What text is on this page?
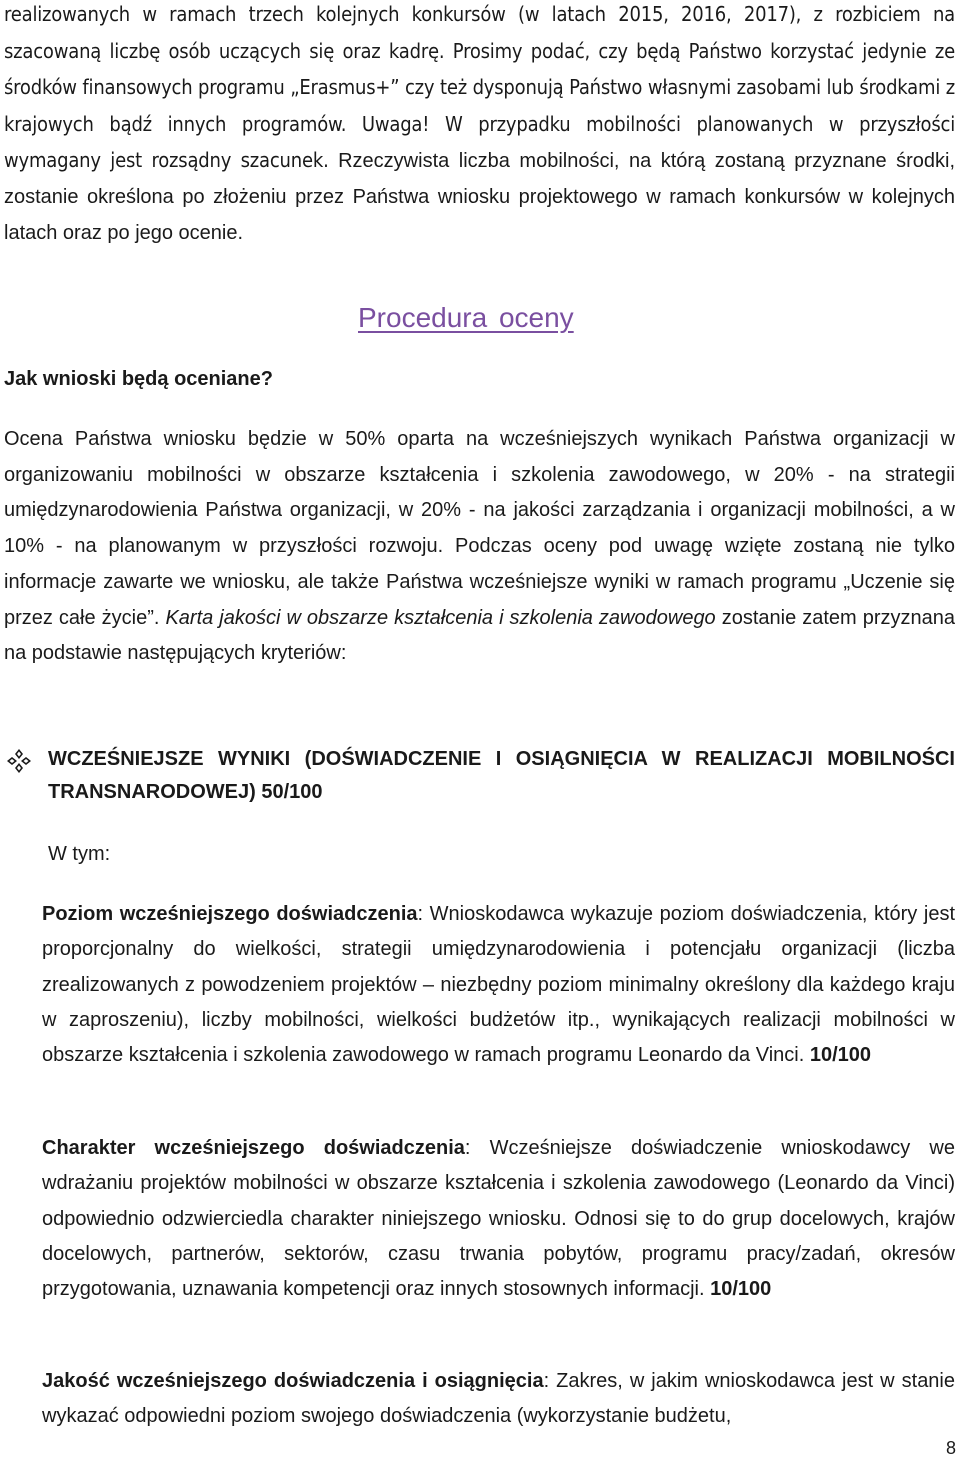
realizowanych w ramach trzech kolejnych konkursów (w latach 2015, 2016, 2017), z rozbiciem na szacowaną liczbę osób uczących się oraz kadrę. Prosimy podać, czy będą Państwo korzystać jedynie ze środków finansowych programu „Erasmus+” czy też dysponują Państwo własnymi zasobami lub środkami z krajowych bądź innych programów. Uwaga! W przypadku mobilności planowanych w przyszłości wymagany jest rozsądny szacunek. Rzeczywista liczba mobilności, na którą zostaną przyznane środki, zostanie określona po złożeniu przez Państwa wniosku projektowego w ramach konkursów w kolejnych latach oraz po jego ocenie.

Procedura oceny

Jak wnioski będą oceniane?

Ocena Państwa wniosku będzie w 50% oparta na wcześniejszych wynikach Państwa organizacji w organizowaniu mobilności w obszarze kształcenia i szkolenia zawodowego, w 20% - na strategii umiędzynarodowienia Państwa organizacji, w 20% - na jakości zarządzania i organizacji mobilności, a w 10% - na planowanym w przyszłości rozwoju. Podczas oceny pod uwagę wzięte zostaną nie tylko informacje zawarte we wniosku, ale także Państwa wcześniejsze wyniki w ramach programu „Uczenie się przez całe życie”. Karta jakości w obszarze kształcenia i szkolenia zawodowego zostanie zatem przyznana na podstawie następujących kryteriów:

WCZEŚNIEJSZE WYNIKI (DOŚWIADCZENIE I OSIĄGNIĘCIA W REALIZACJI MOBILNOŚCI TRANSNARODOWEJ) 50/100

W tym:

Poziom wcześniejszego doświadczenia: Wnioskodawca wykazuje poziom doświadczenia, który jest proporcjonalny do wielkości, strategii umiędzynarodowienia i potencjału organizacji (liczba zrealizowanych z powodzeniem projektów – niezbędny poziom minimalny określony dla każdego kraju w zaproszeniu), liczby mobilności, wielkości budżetów itp., wynikających realizacji mobilności w obszarze kształcenia i szkolenia zawodowego w ramach programu Leonardo da Vinci. 10/100

Charakter wcześniejszego doświadczenia: Wcześniejsze doświadczenie wnioskodawcy we wdrażaniu projektów mobilności w obszarze kształcenia i szkolenia zawodowego (Leonardo da Vinci) odpowiednio odzwierciedla charakter niniejszego wniosku. Odnosi się to do grup docelowych, krajów docelowych, partnerów, sektorów, czasu trwania pobytów, programu pracy/zadań, okresów przygotowania, uznawania kompetencji oraz innych stosownych informacji. 10/100

Jakość wcześniejszego doświadczenia i osiągnięcia: Zakres, w jakim wnioskodawca jest w stanie wykazać odpowiedni poziom swojego doświadczenia (wykorzystanie budżetu,

8
